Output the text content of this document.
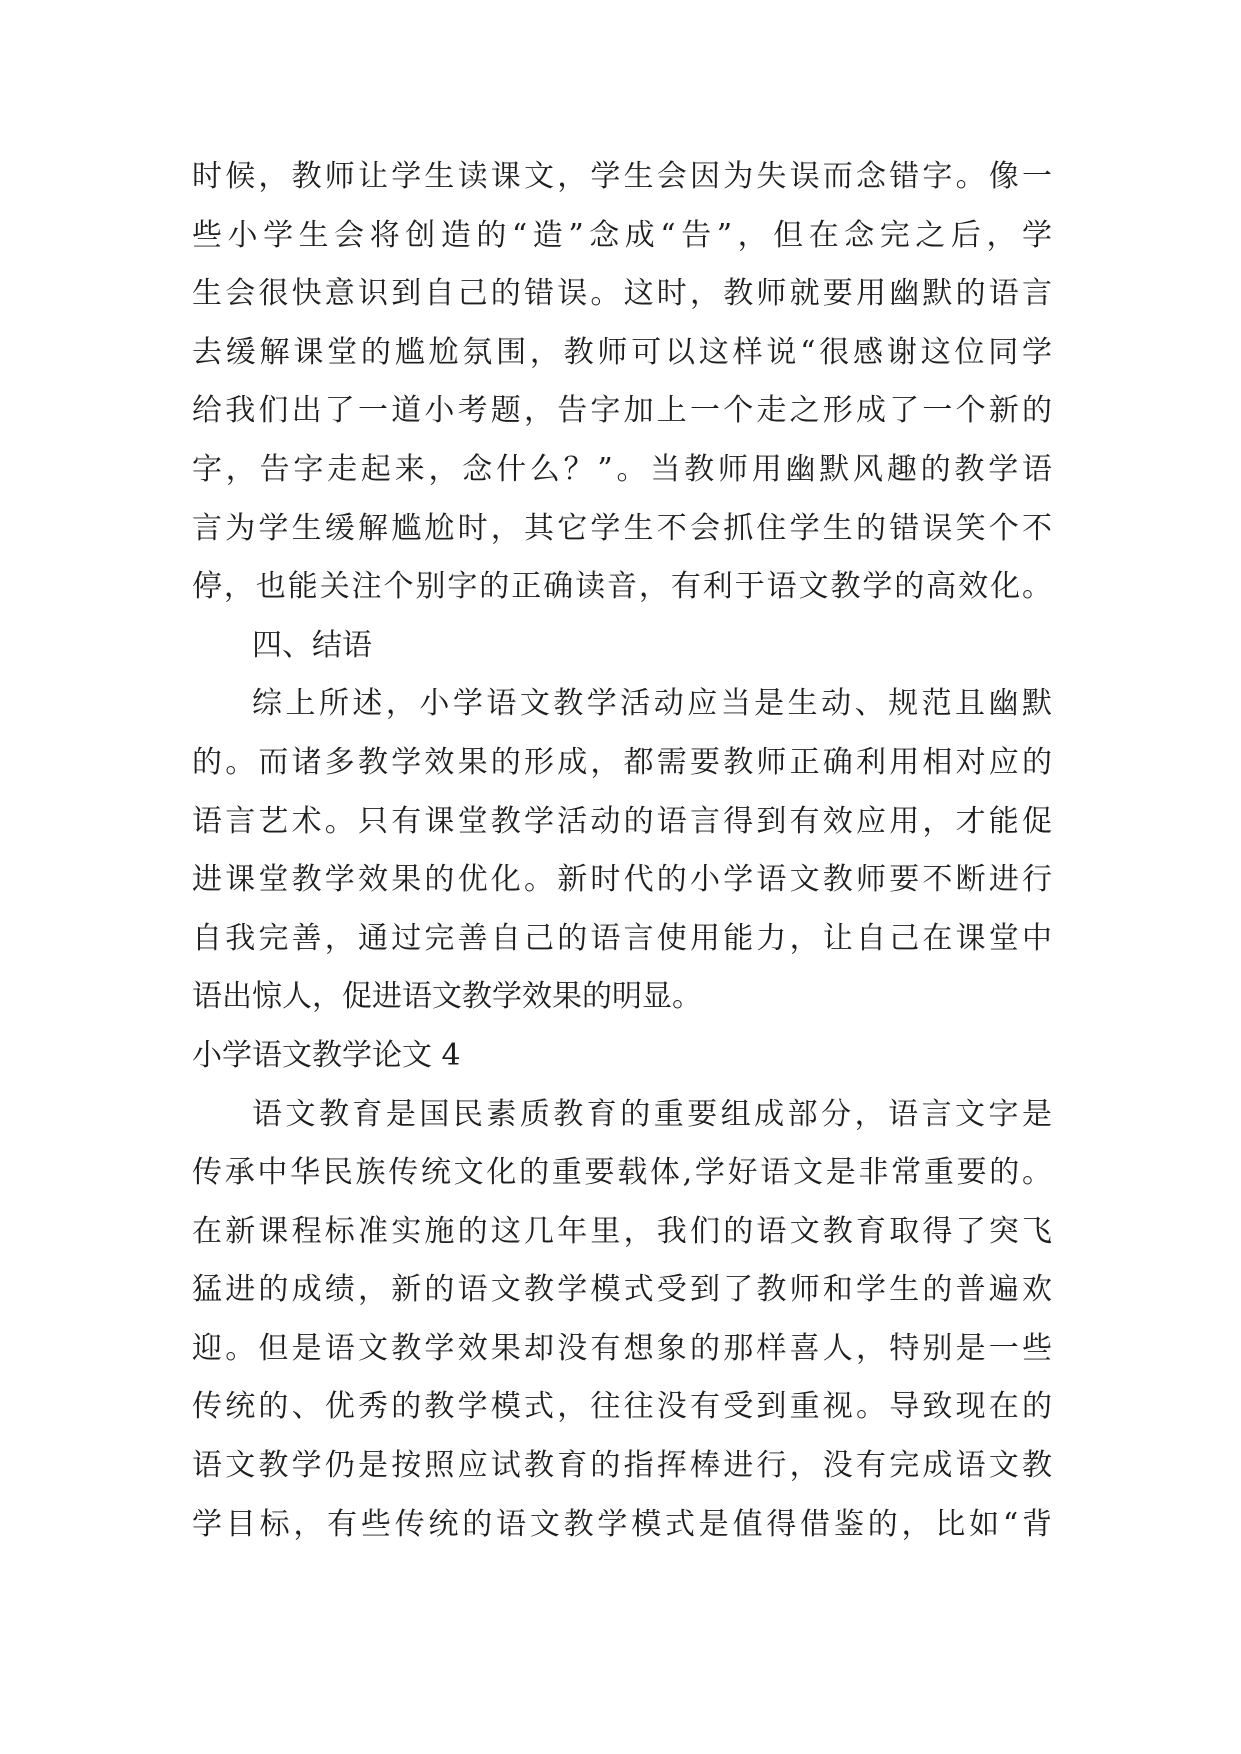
时候，教师让学生读课文，学生会因为失误而念错字。像一
些小学生会将创造的“造”念成“告”，但在念完之后，学
生会很快意识到自己的错误。这时，教师就要用幽默的语言
去缓解课堂的尴尬氛围，教师可以这样说“很感谢这位同学
给我们出了一道小考题，告字加上一个走之形成了一个新的
字，告字走起来，念什么？”。当教师用幽默风趣的教学语
言为学生缓解尴尬时，其它学生不会抓住学生的错误笑个不
停，也能关注个别字的正确读音，有利于语文教学的高效化。
四、结语
综上所述，小学语文教学活动应当是生动、规范且幽默
的。而诸多教学效果的形成，都需要教师正确利用相对应的
语言艺术。只有课堂教学活动的语言得到有效应用，才能促
进课堂教学效果的优化。新时代的小学语文教师要不断进行
自我完善，通过完善自己的语言使用能力，让自己在课堂中
语出惊人，促进语文教学效果的明显。
小学语文教学论文 4
语文教育是国民素质教育的重要组成部分，语言文字是
传承中华民族传统文化的重要载体,学好语文是非常重要的。
在新课程标准实施的这几年里，我们的语文教育取得了突飞
猛进的成绩，新的语文教学模式受到了教师和学生的普遍欢
迎。但是语文教学效果却没有想象的那样喜人，特别是一些
传统的、优秀的教学模式，往往没有受到重视。导致现在的
语文教学仍是按照应试教育的指挥棒进行，没有完成语文教
学目标，有些传统的语文教学模式是值得借鉴的，比如“背
